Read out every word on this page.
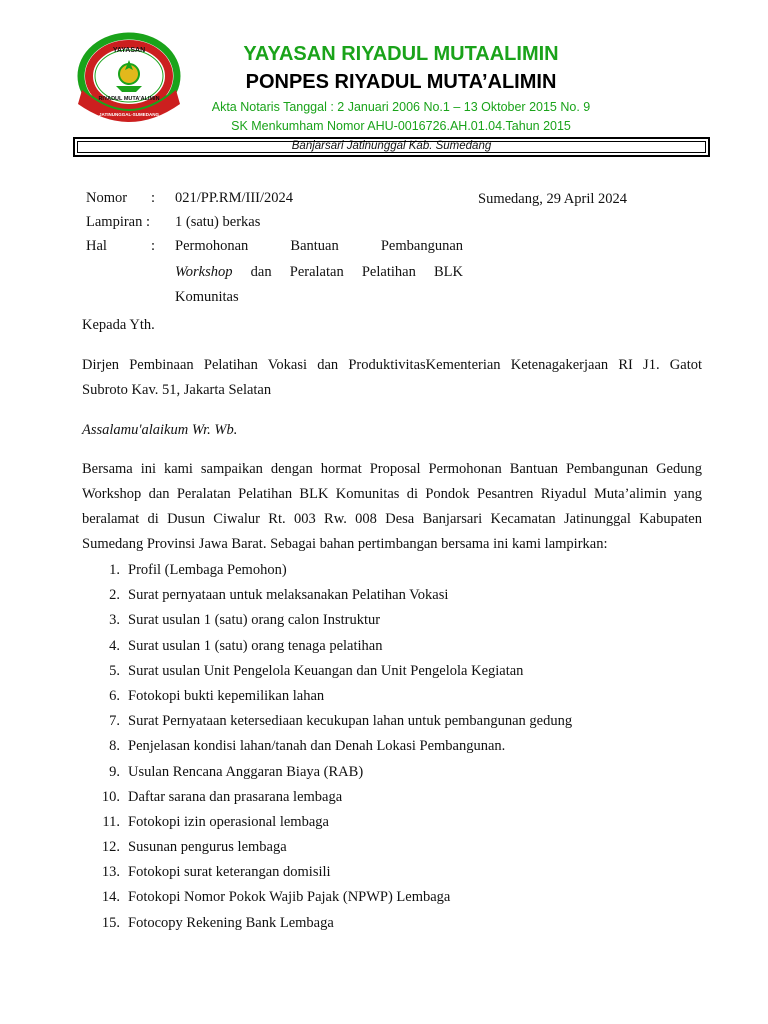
YAYASAN
RIYADUL MUTA'ALIMIN
JATINUNGGAL-SUMEDANG
YAYASAN RIYADUL MUTAALIMIN
PONPES RIYADUL MUTA’ALIMIN
Akta Notaris Tanggal : 2 Januari 2006 No.1 – 13 Oktober 2015 No. 9
SK Menkumham Nomor AHU-0016726.AH.01.04.Tahun 2015
Banjarsari Jatinunggal Kab. Sumedang
Nomor	: 021/PP.RM/III/2024
Lampiran :	1 (satu) berkas
Hal	: Permohonan Bantuan Pembangunan
Workshop dan Peralatan Pelatihan BLK
Komunitas
Sumedang, 29 April 2024
Kepada Yth.
Dirjen Pembinaan Pelatihan Vokasi dan ProduktivitasKementerian Ketenagakerjaan RI J1. Gatot
Subroto Kav. 51, Jakarta Selatan
Assalamu'alaikum Wr. Wb.
Bersama ini kami sampaikan dengan hormat Proposal Permohonan Bantuan Pembangunan Gedung
Workshop dan Peralatan Pelatihan BLK Komunitas di Pondok Pesantren Riyadul Muta’alimin yang
beralamat di Dusun Ciwalur Rt. 003 Rw. 008 Desa Banjarsari Kecamatan Jatinunggal Kabupaten
Sumedang Provinsi Jawa Barat. Sebagai bahan pertimbangan bersama ini kami lampirkan:
1. Profil (Lembaga Pemohon)
2. Surat pernyataan untuk melaksanakan Pelatihan Vokasi
3. Surat usulan 1 (satu) orang calon Instruktur
4. Surat usulan 1 (satu) orang tenaga pelatihan
5. Surat usulan Unit Pengelola Keuangan dan Unit Pengelola Kegiatan
6. Fotokopi bukti kepemilikan lahan
7. Surat Pernyataan ketersediaan kecukupan lahan untuk pembangunan gedung
8. Penjelasan kondisi lahan/tanah dan Denah Lokasi Pembangunan.
9. Usulan Rencana Anggaran Biaya (RAB)
10. Daftar sarana dan prasarana lembaga
11. Fotokopi izin operasional lembaga
12. Susunan pengurus lembaga
13. Fotokopi surat keterangan domisili
14. Fotokopi Nomor Pokok Wajib Pajak (NPWP) Lembaga
15. Fotocopy Rekening Bank Lembaga
